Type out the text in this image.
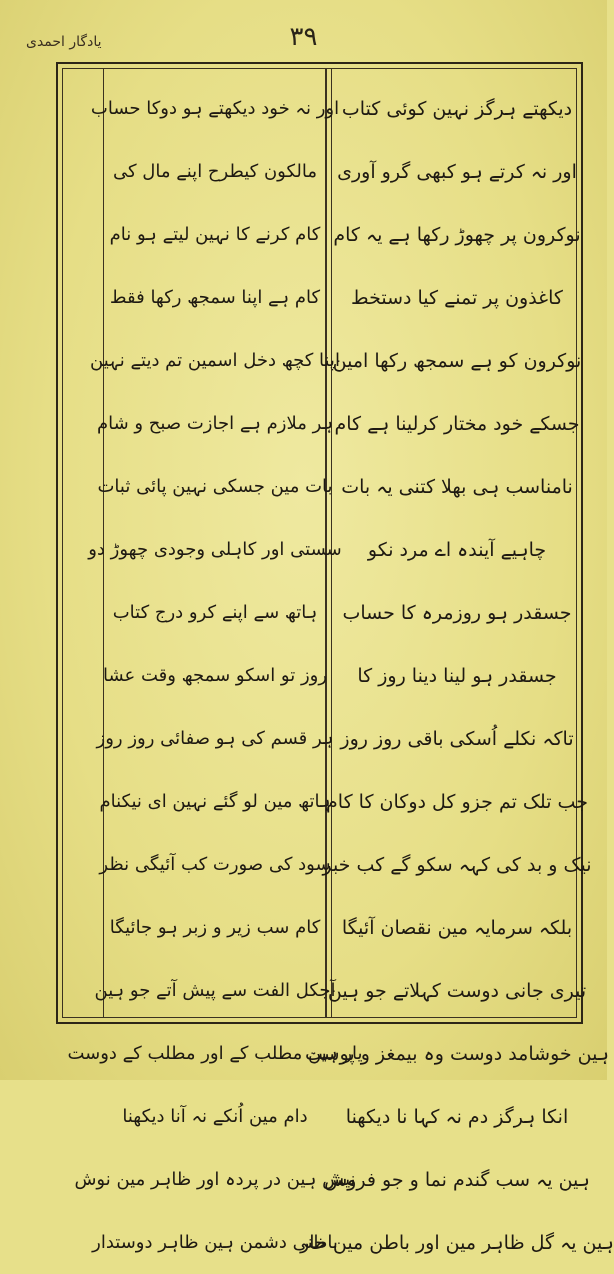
۳۹
یادگار احمدی
دیکھتے ہرگز نہین کوئی کتاب
اور نہ کرتے ہو کبھی گرو آوری
نوکرون پر چھوڑ رکھا ہے یہ کام
کاغذون پر تمنے کیا دستخط
نوکرون کو ہے سمجھ رکھا امین
جسکے خود مختار کرلینا ہے کام
نامناسب ہی بھلا کتنی یہ بات
چاہیے آیندہ اے مرد نکو
جسقدر ہو روزمرہ کا حساب
جسقدر ہو لینا دینا روز کا
تاکہ نکلے اُسکی باقی روز روز
جب تلک تم جزو کل دوکان کا کام
نیک و بد کی کہہ سکو گے کب خبر
بلکہ سرمایہ مین نقصان آئیگا
تیری جانی دوست کہلاتے جو ہین
ہین خوشامد دوست وہ بیمغز و پوست
انکا ہرگز دم نہ کہا نا دیکھنا
ہین یہ سب گندم نما و جو فروش
ہین یہ گل ظاہر مین اور باطن مین خار
اور نہ خود دیکھتے ہو دوکا حساب
مالکون کیطرح اپنے مال کی
کام کرنے کا نہین لیتے ہو نام
کام ہے اپنا سمجھ رکھا فقط
اپنا کچھ دخل اسمین تم دیتے نہین
ہر ملازم ہے اجازت صبح و شام
بات مین جسکی نہین پائی ثبات
سستی اور کاہلی وجودی چھوڑ دو
ہاتھ سے اپنے کرو درج کتاب
روز تو اسکو سمجھ وقت عشا
ہر قسم کی ہو صفائی روز روز
ہاتھ مین لو گئے نہین ای نیکنام
سود کی صورت کب آئیگی نظر
کام سب زیر و زبر ہو جائیگا
آجکل الفت سے پیش آتے جو ہین
یار ہین مطلب کے اور مطلب کے دوست
دام مین اُنکے نہ آنا دیکھنا
نیش ہین در پردہ اور ظاہر مین نوش
باطنی دشمن ہین ظاہر دوستدار
